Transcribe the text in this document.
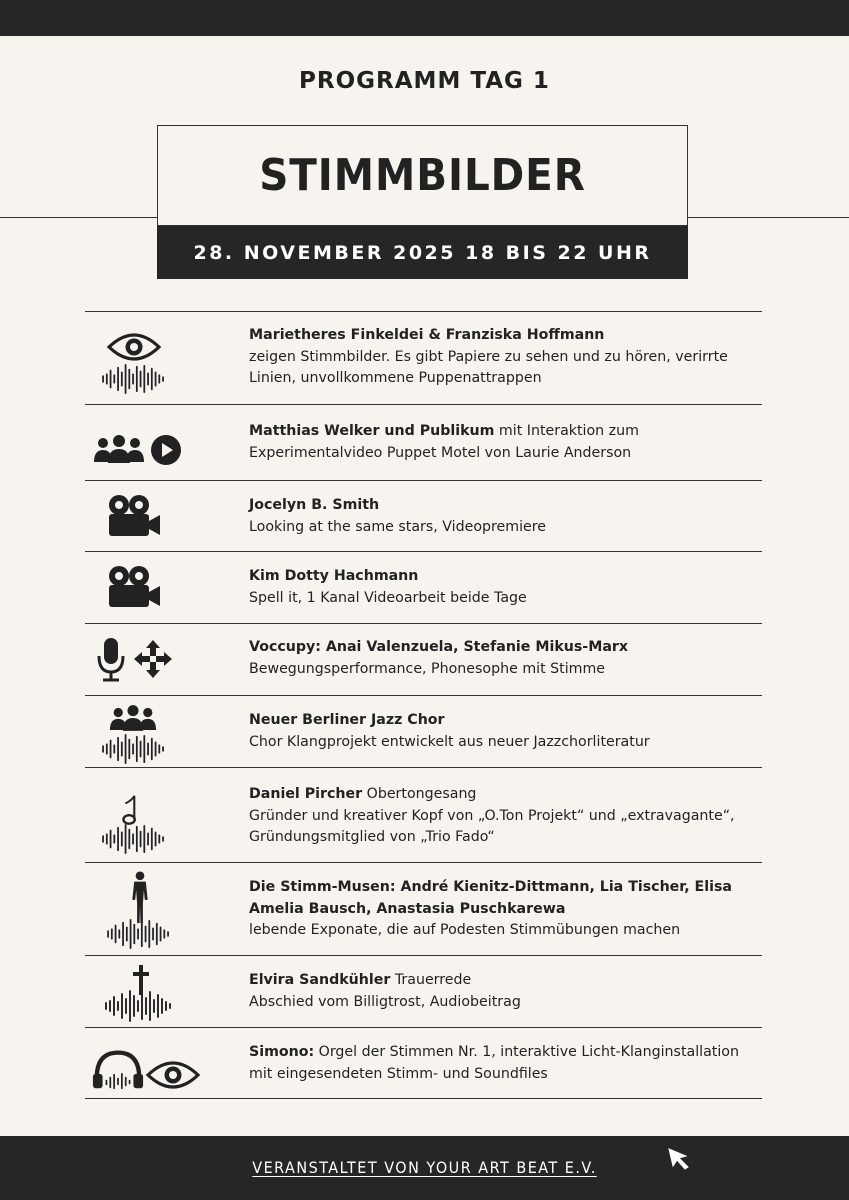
PROGRAMM TAG 1
STIMMBILDER
28. NOVEMBER 2025 18 BIS 22 UHR
Marietheres Finkeldei & Franziska Hoffmann
zeigen Stimmbilder. Es gibt Papiere zu sehen und zu hören, verirrte Linien, unvollkommene Puppenattrappen
Matthias Welker und Publikum mit Interaktion zum Experimentalvideo Puppet Motel von Laurie Anderson
Jocelyn B. Smith
Looking at the same stars, Videopremiere
Kim Dotty Hachmann
Spell it, 1 Kanal Videoarbeit beide Tage
Voccupy: Anai Valenzuela, Stefanie Mikus-Marx
Bewegungsperformance, Phonesophe mit Stimme
Neuer Berliner Jazz Chor
Chor Klangprojekt entwickelt aus neuer Jazzchorliteratur
Daniel Pircher Obertongesang
Gründer und kreativer Kopf von „O.Ton Projekt“ und „extravagante“, Gründungsmitglied von „Trio Fado“
Die Stimm-Musen: André Kienitz-Dittmann, Lia Tischer, Elisa Amelia Bausch, Anastasia Puschkarewa
lebende Exponate, die auf Podesten Stimmübungen machen
Elvira Sandkühler Trauerrede
Abschied vom Billigtrost, Audiobeitrag
Simono: Orgel der Stimmen Nr. 1, interaktive Licht-Klanginstallation mit eingesendeten Stimm- und Soundfiles
VERANSTALTET VON YOUR ART BEAT E.V.
